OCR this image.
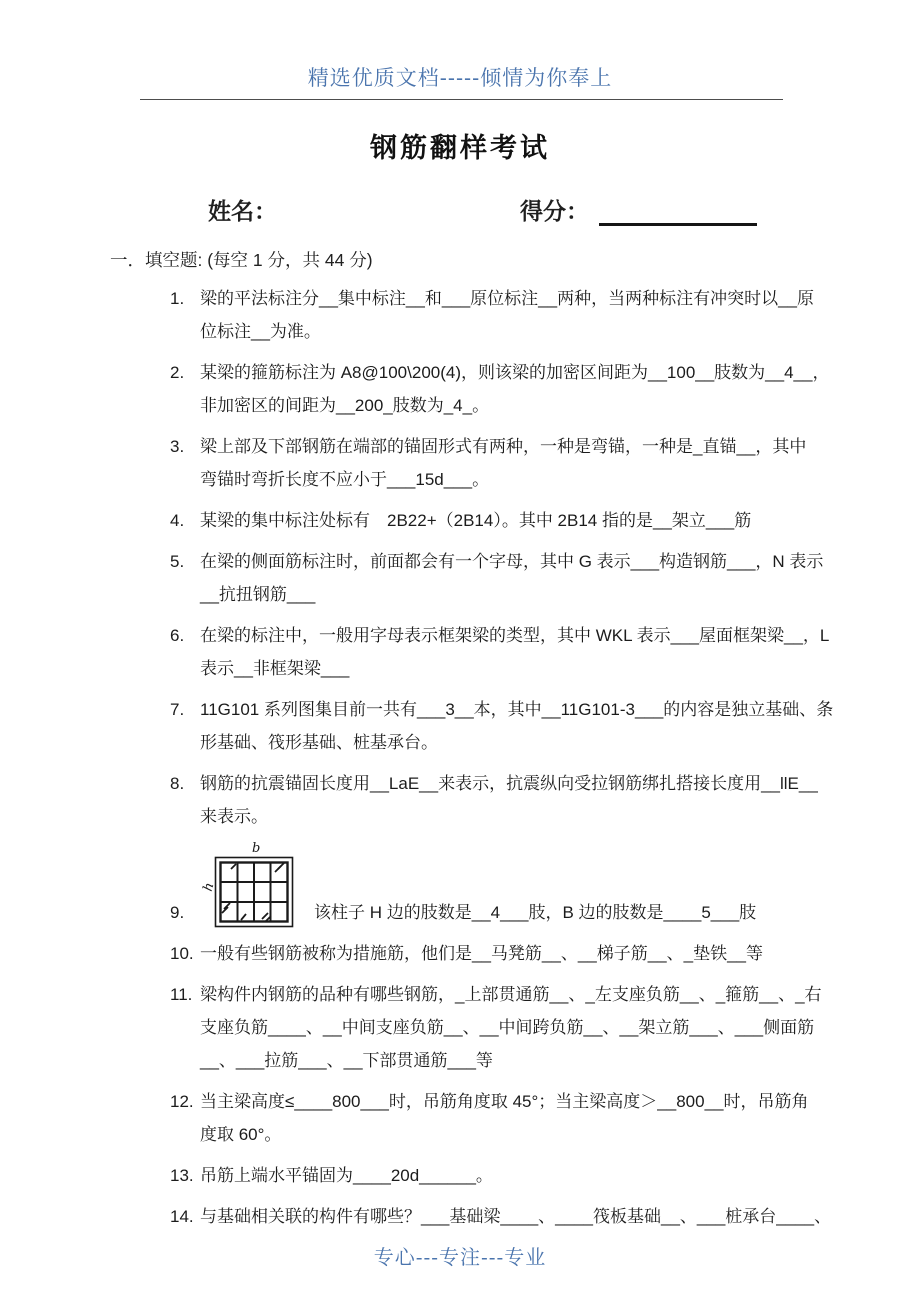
精选优质文档-----倾情为你奉上
钢筋翻样考试
姓名：	得分：
一．填空题: (每空 1 分，共 44 分)
1. 梁的平法标注分__集中标注__和___原位标注__两种，当两种标注有冲突时以__原
位标注__为准。
2. 某梁的箍筋标注为 A8@100\200(4)，则该梁的加密区间距为__100__肢数为__4__，
非加密区的间距为__200_肢数为_4_。
3. 梁上部及下部钢筋在端部的锚固形式有两种，一种是弯锚，一种是_直锚__，其中
弯锚时弯折长度不应小于___15d___。
4. 某梁的集中标注处标有　2B22+（2B14）。其中 2B14 指的是__架立___筋
5. 在梁的侧面筋标注时，前面都会有一个字母，其中 G 表示___构造钢筋___，N 表示
__抗扭钢筋___
6. 在梁的标注中，一般用字母表示框架梁的类型，其中 WKL 表示___屋面框架梁__，L
表示__非框架梁___
7. 11G101 系列图集目前一共有___3__本，其中__11G101-3___的内容是独立基础、条
形基础、筏形基础、桩基承台。
8. 钢筋的抗震锚固长度用__LaE__来表示，抗震纵向受拉钢筋绑扎搭接长度用__llE__
来表示。
9.
b
h
该柱子 H 边的肢数是__4___肢，B 边的肢数是____5___肢
10. 一般有些钢筋被称为措施筋，他们是__马凳筋__、__梯子筋__、_垫铁__等
11. 梁构件内钢筋的品种有哪些钢筋，_上部贯通筋__、_左支座负筋__、_箍筋__、_右
支座负筋____、__中间支座负筋__、__中间跨负筋__、__架立筋___、___侧面筋
__、___拉筋___、__下部贯通筋___等
12. 当主梁高度≤____800___时，吊筋角度取 45°；当主梁高度＞__800__时，吊筋角
度取 60°。
13. 吊筋上端水平锚固为____20d______。
14. 与基础相关联的构件有哪些？___基础梁____、____筏板基础__、___桩承台____、
专心---专注---专业
